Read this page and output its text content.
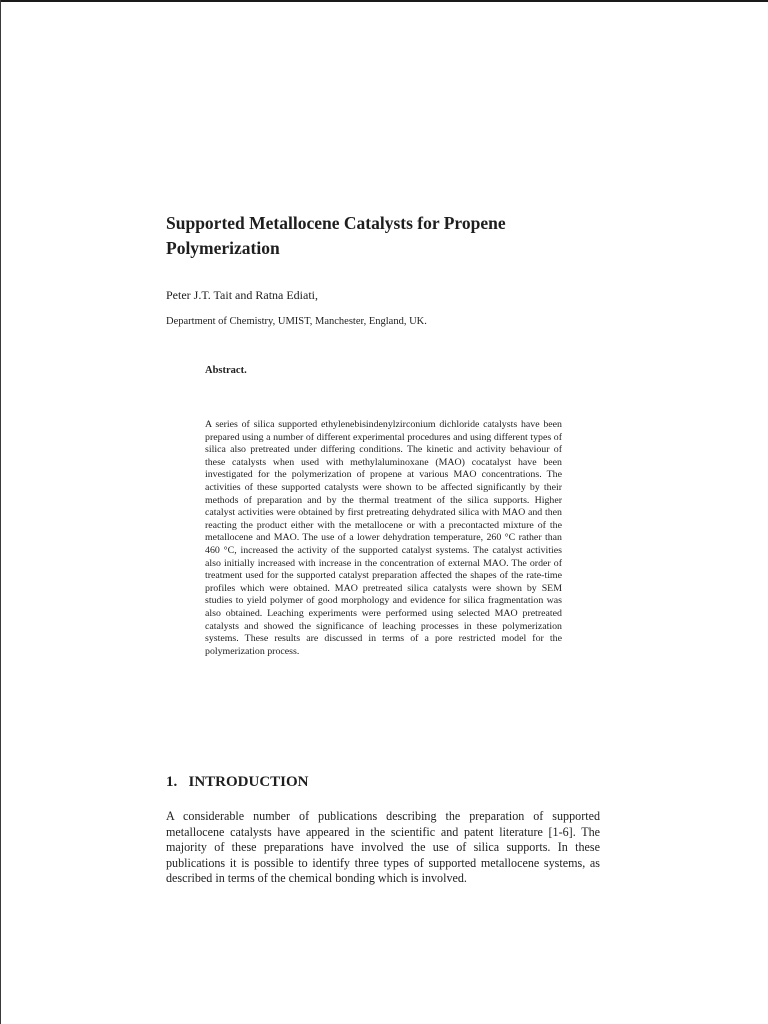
Supported Metallocene Catalysts for Propene Polymerization

Peter J.T. Tait and Ratna Ediati,

Department of Chemistry, UMIST, Manchester, England, UK.

Abstract.

A series of silica supported ethylenebisindenylzirconium dichloride catalysts have been prepared using a number of different experimental procedures and using different types of silica also pretreated under differing conditions. The kinetic and activity behaviour of these catalysts when used with methylaluminoxane (MAO) cocatalyst have been investigated for the polymerization of propene at various MAO concentrations. The activities of these supported catalysts were shown to be affected significantly by their methods of preparation and by the thermal treatment of the silica supports. Higher catalyst activities were obtained by first pretreating dehydrated silica with MAO and then reacting the product either with the metallocene or with a precontacted mixture of the metallocene and MAO. The use of a lower dehydration temperature, 260 °C rather than 460 °C, increased the activity of the supported catalyst systems. The catalyst activities also initially increased with increase in the concentration of external MAO. The order of treatment used for the supported catalyst preparation affected the shapes of the rate-time profiles which were obtained. MAO pretreated silica catalysts were shown by SEM studies to yield polymer of good morphology and evidence for silica fragmentation was also obtained. Leaching experiments were performed using selected MAO pretreated catalysts and showed the significance of leaching processes in these polymerization systems. These results are discussed in terms of a pore restricted model for the polymerization process.

1.   INTRODUCTION

A considerable number of publications describing the preparation of supported metallocene catalysts have appeared in the scientific and patent literature [1-6]. The majority of these preparations have involved the use of silica supports. In these publications it is possible to identify three types of supported metallocene systems, as described in terms of the chemical bonding which is involved.
